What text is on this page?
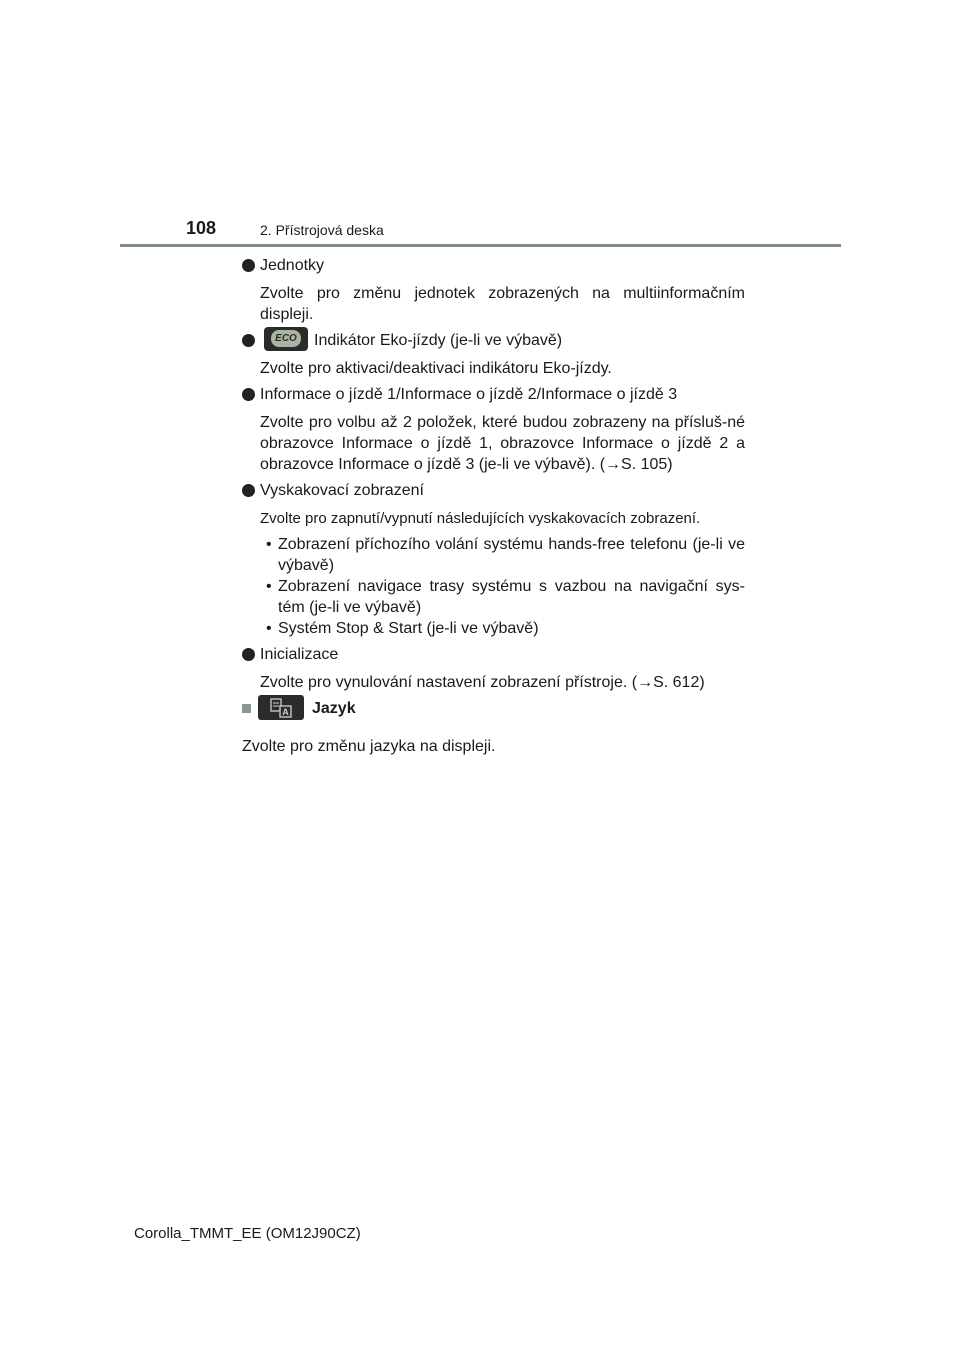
108	2. Přístrojová deska

Jednotky

Zvolte pro změnu jednotek zobrazených na multiinformačním displeji.

ECO Indikátor Eko-jízdy (je-li ve výbavě)

Zvolte pro aktivaci/deaktivaci indikátoru Eko-jízdy.

Informace o jízdě 1/Informace o jízdě 2/Informace o jízdě 3

Zvolte pro volbu až 2 položek, které budou zobrazeny na přísluš-né obrazovce Informace o jízdě 1, obrazovce Informace o jízdě 2 a obrazovce Informace o jízdě 3 (je-li ve výbavě). (→S. 105)

Vyskakovací zobrazení

Zvolte pro zapnutí/vypnutí následujících vyskakovacích zobrazení.

• Zobrazení příchozího volání systému hands-free telefonu (je-li ve výbavě)
• Zobrazení navigace trasy systému s vazbou na navigační sys-tém (je-li ve výbavě)
• Systém Stop & Start (je-li ve výbavě)

Inicializace

Zvolte pro vynulování nastavení zobrazení přístroje. (→S. 612)

A Jazyk

Zvolte pro změnu jazyka na displeji.

Corolla_TMMT_EE (OM12J90CZ)
